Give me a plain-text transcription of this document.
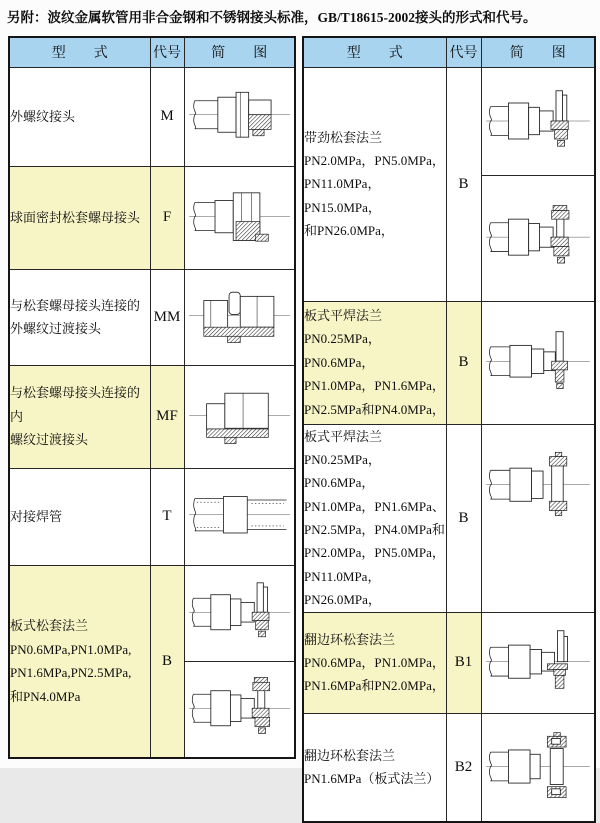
另附：波纹金属软管用非合金钢和不锈钢接头标准，GB/T18615-2002接头的形式和代号。
型　　式	代号	简　　图

外螺纹接头	M	

球面密封松套螺母接头	F	

与松套螺母接头连接的
外螺纹过渡接头	MM	

与松套螺母接头连接的内
螺纹过渡接头	MF	

对接焊管	T	

板式松套法兰
PN0.6MPa,PN1.0MPa,
PN1.6MPa,PN2.5MPa,
和PN4.0MPa	B	
型　　式	代号	简　　图

带劲松套法兰
PN2.0MPa，PN5.0MPa，
PN11.0MPa，PN15.0MPa，
和PN26.0MPa，	B	

板式平焊法兰
PN0.25MPa，PN0.6MPa，
PN1.0MPa，PN1.6MPa，
PN2.5MPa和PN4.0MPa，	B	

板式平焊法兰
PN0.25MPa，PN0.6MPa，
PN1.0MPa，PN1.6MPa、
PN2.5MPa，PN4.0MPa和
PN2.0MPa，PN5.0MPa，
PN11.0MPa，PN26.0MPa，
	B	

翻边环松套法兰
PN0.6MPa，PN1.0MPa，
PN1.6MPa和PN2.0MPa，	B1	

翻边环松套法兰
PN1.6MPa（板式法兰）	B2	
